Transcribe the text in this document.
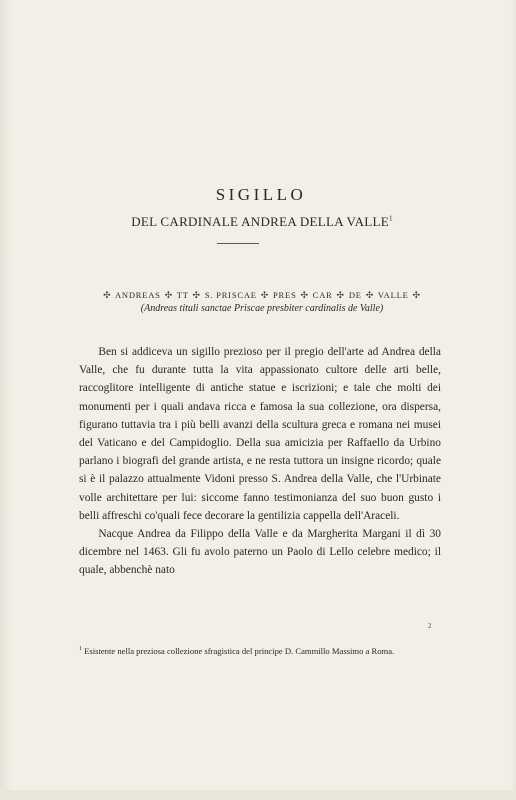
SIGILLO
DEL CARDINALE ANDREA DELLA VALLE$^1$
✣ ANDREAS ✣ TT ✣ S. PRISCAE ✣ PRES ✣ CAR ✣ DE ✣ VALLE ✣
(Andreas tituli sanctae Priscae presbiter cardinalis de Valle)

Ben si addiceva un sigillo prezioso per il pregio dell'arte ad Andrea della Valle, che fu durante tutta la vita appassionato cultore delle arti belle, raccoglitore intelligente di antiche statue e iscrizioni; e tale che molti dei monumenti per i quali andava ricca e famosa la sua collezione, ora dispersa, figurano tuttavia tra i più belli avanzi della scultura greca e romana nei musei del Vaticano e del Campidoglio. Della sua amicizia per Raffaello da Urbino parlano i biografi del grande artista, e ne resta tuttora un insigne ricordo; quale si è il palazzo attualmente Vidoni presso S. Andrea della Valle, che l'Urbinate volle architettare per lui: siccome fanno testimonianza del suo buon gusto i belli affreschi co'quali fece decorare la gentilizia cappella dell'Araceli.

Nacque Andrea da Filippo della Valle e da Margherita Margani il dì 30 dicembre nel 1463. Gli fu avolo paterno un Paolo di Lello celebre medico; il quale, abbenchè nato

2
$^1$ Esistente nella preziosa collezione sfragistica del principe D. Cammillo Massimo a Roma.
